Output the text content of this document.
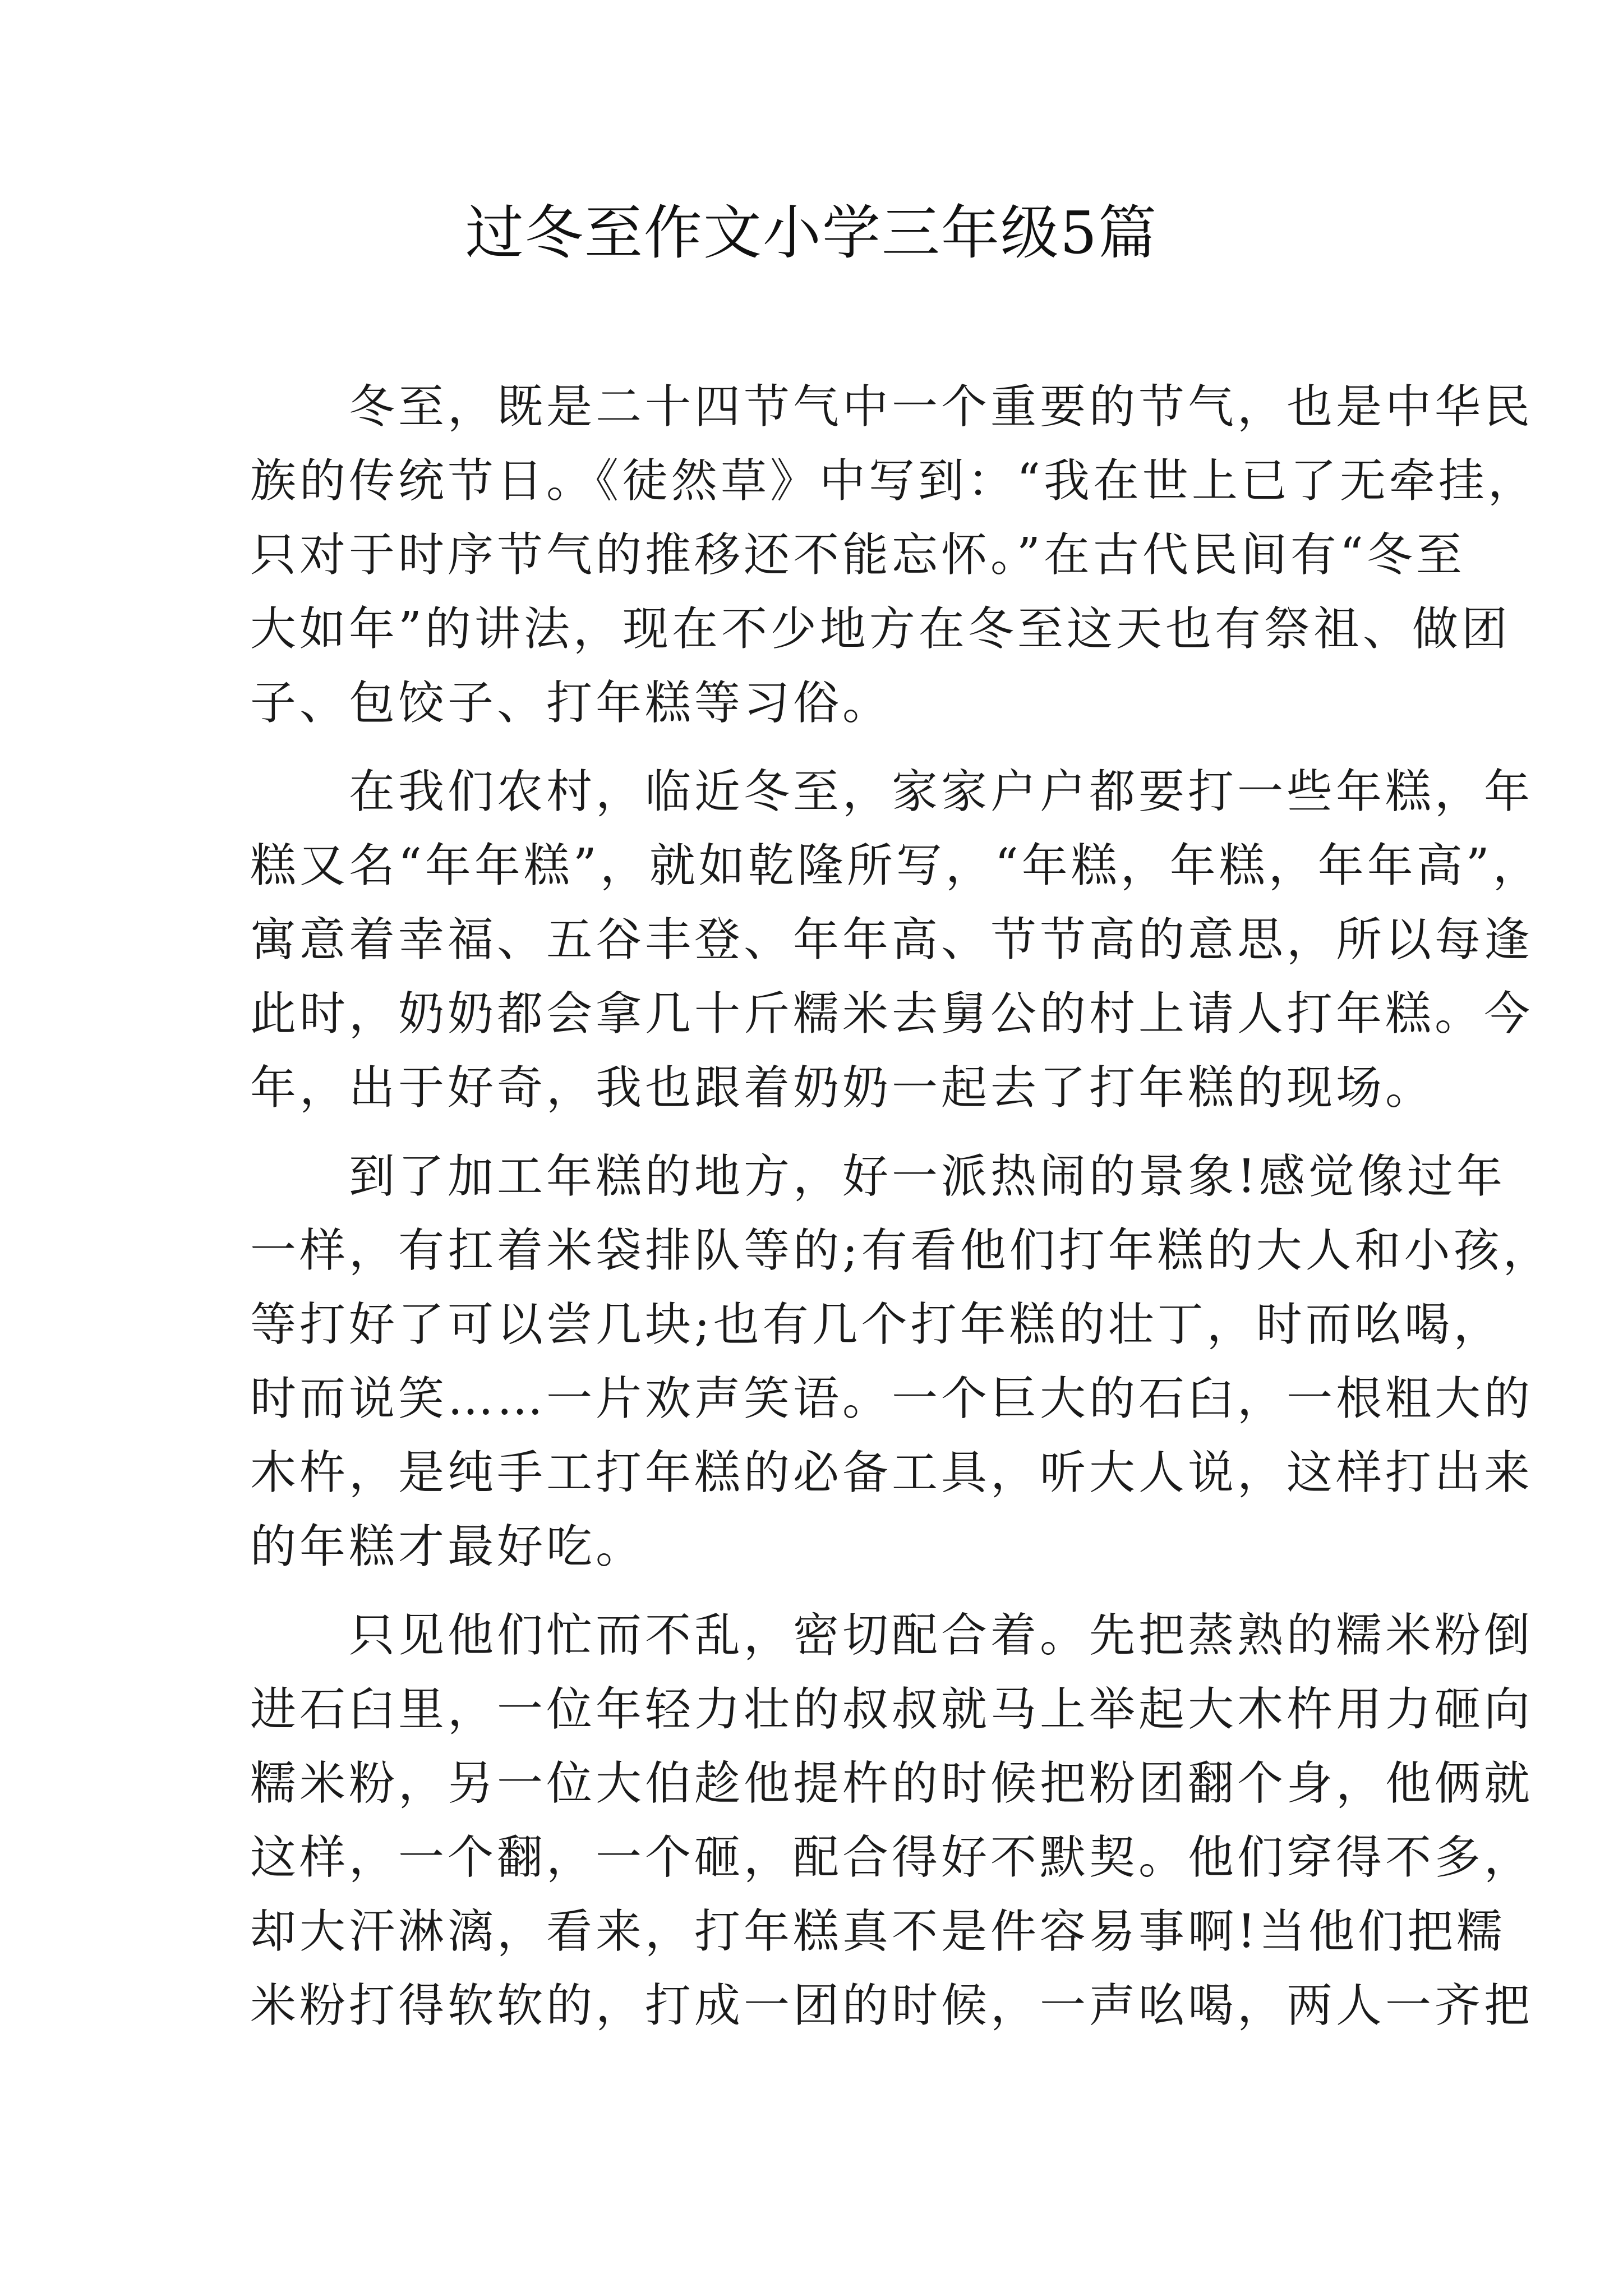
过冬至作文小学三年级5篇
　　冬至，既是二十四节气中一个重要的节气，也是中华民
族的传统节日。《徒然草》中写到：“我在世上已了无牵挂，
只对于时序节气的推移还不能忘怀。”在古代民间有“冬至
大如年”的讲法，现在不少地方在冬至这天也有祭祖、做团
子、包饺子、打年糕等习俗。
　　在我们农村，临近冬至，家家户户都要打一些年糕，年
糕又名“年年糕”，就如乾隆所写，“年糕，年糕，年年高”，
寓意着幸福、五谷丰登、年年高、节节高的意思，所以每逢
此时，奶奶都会拿几十斤糯米去舅公的村上请人打年糕。今
年，出于好奇，我也跟着奶奶一起去了打年糕的现场。
　　到了加工年糕的地方，好一派热闹的景象!感觉像过年
一样，有扛着米袋排队等的;有看他们打年糕的大人和小孩，
等打好了可以尝几块;也有几个打年糕的壮丁，时而吆喝，
时而说笑……一片欢声笑语。一个巨大的石臼，一根粗大的
木杵，是纯手工打年糕的必备工具，听大人说，这样打出来
的年糕才最好吃。
　　只见他们忙而不乱，密切配合着。先把蒸熟的糯米粉倒
进石臼里，一位年轻力壮的叔叔就马上举起大木杵用力砸向
糯米粉，另一位大伯趁他提杵的时候把粉团翻个身，他俩就
这样，一个翻，一个砸，配合得好不默契。他们穿得不多，
却大汗淋漓，看来，打年糕真不是件容易事啊!当他们把糯
米粉打得软软的，打成一团的时候，一声吆喝，两人一齐把
